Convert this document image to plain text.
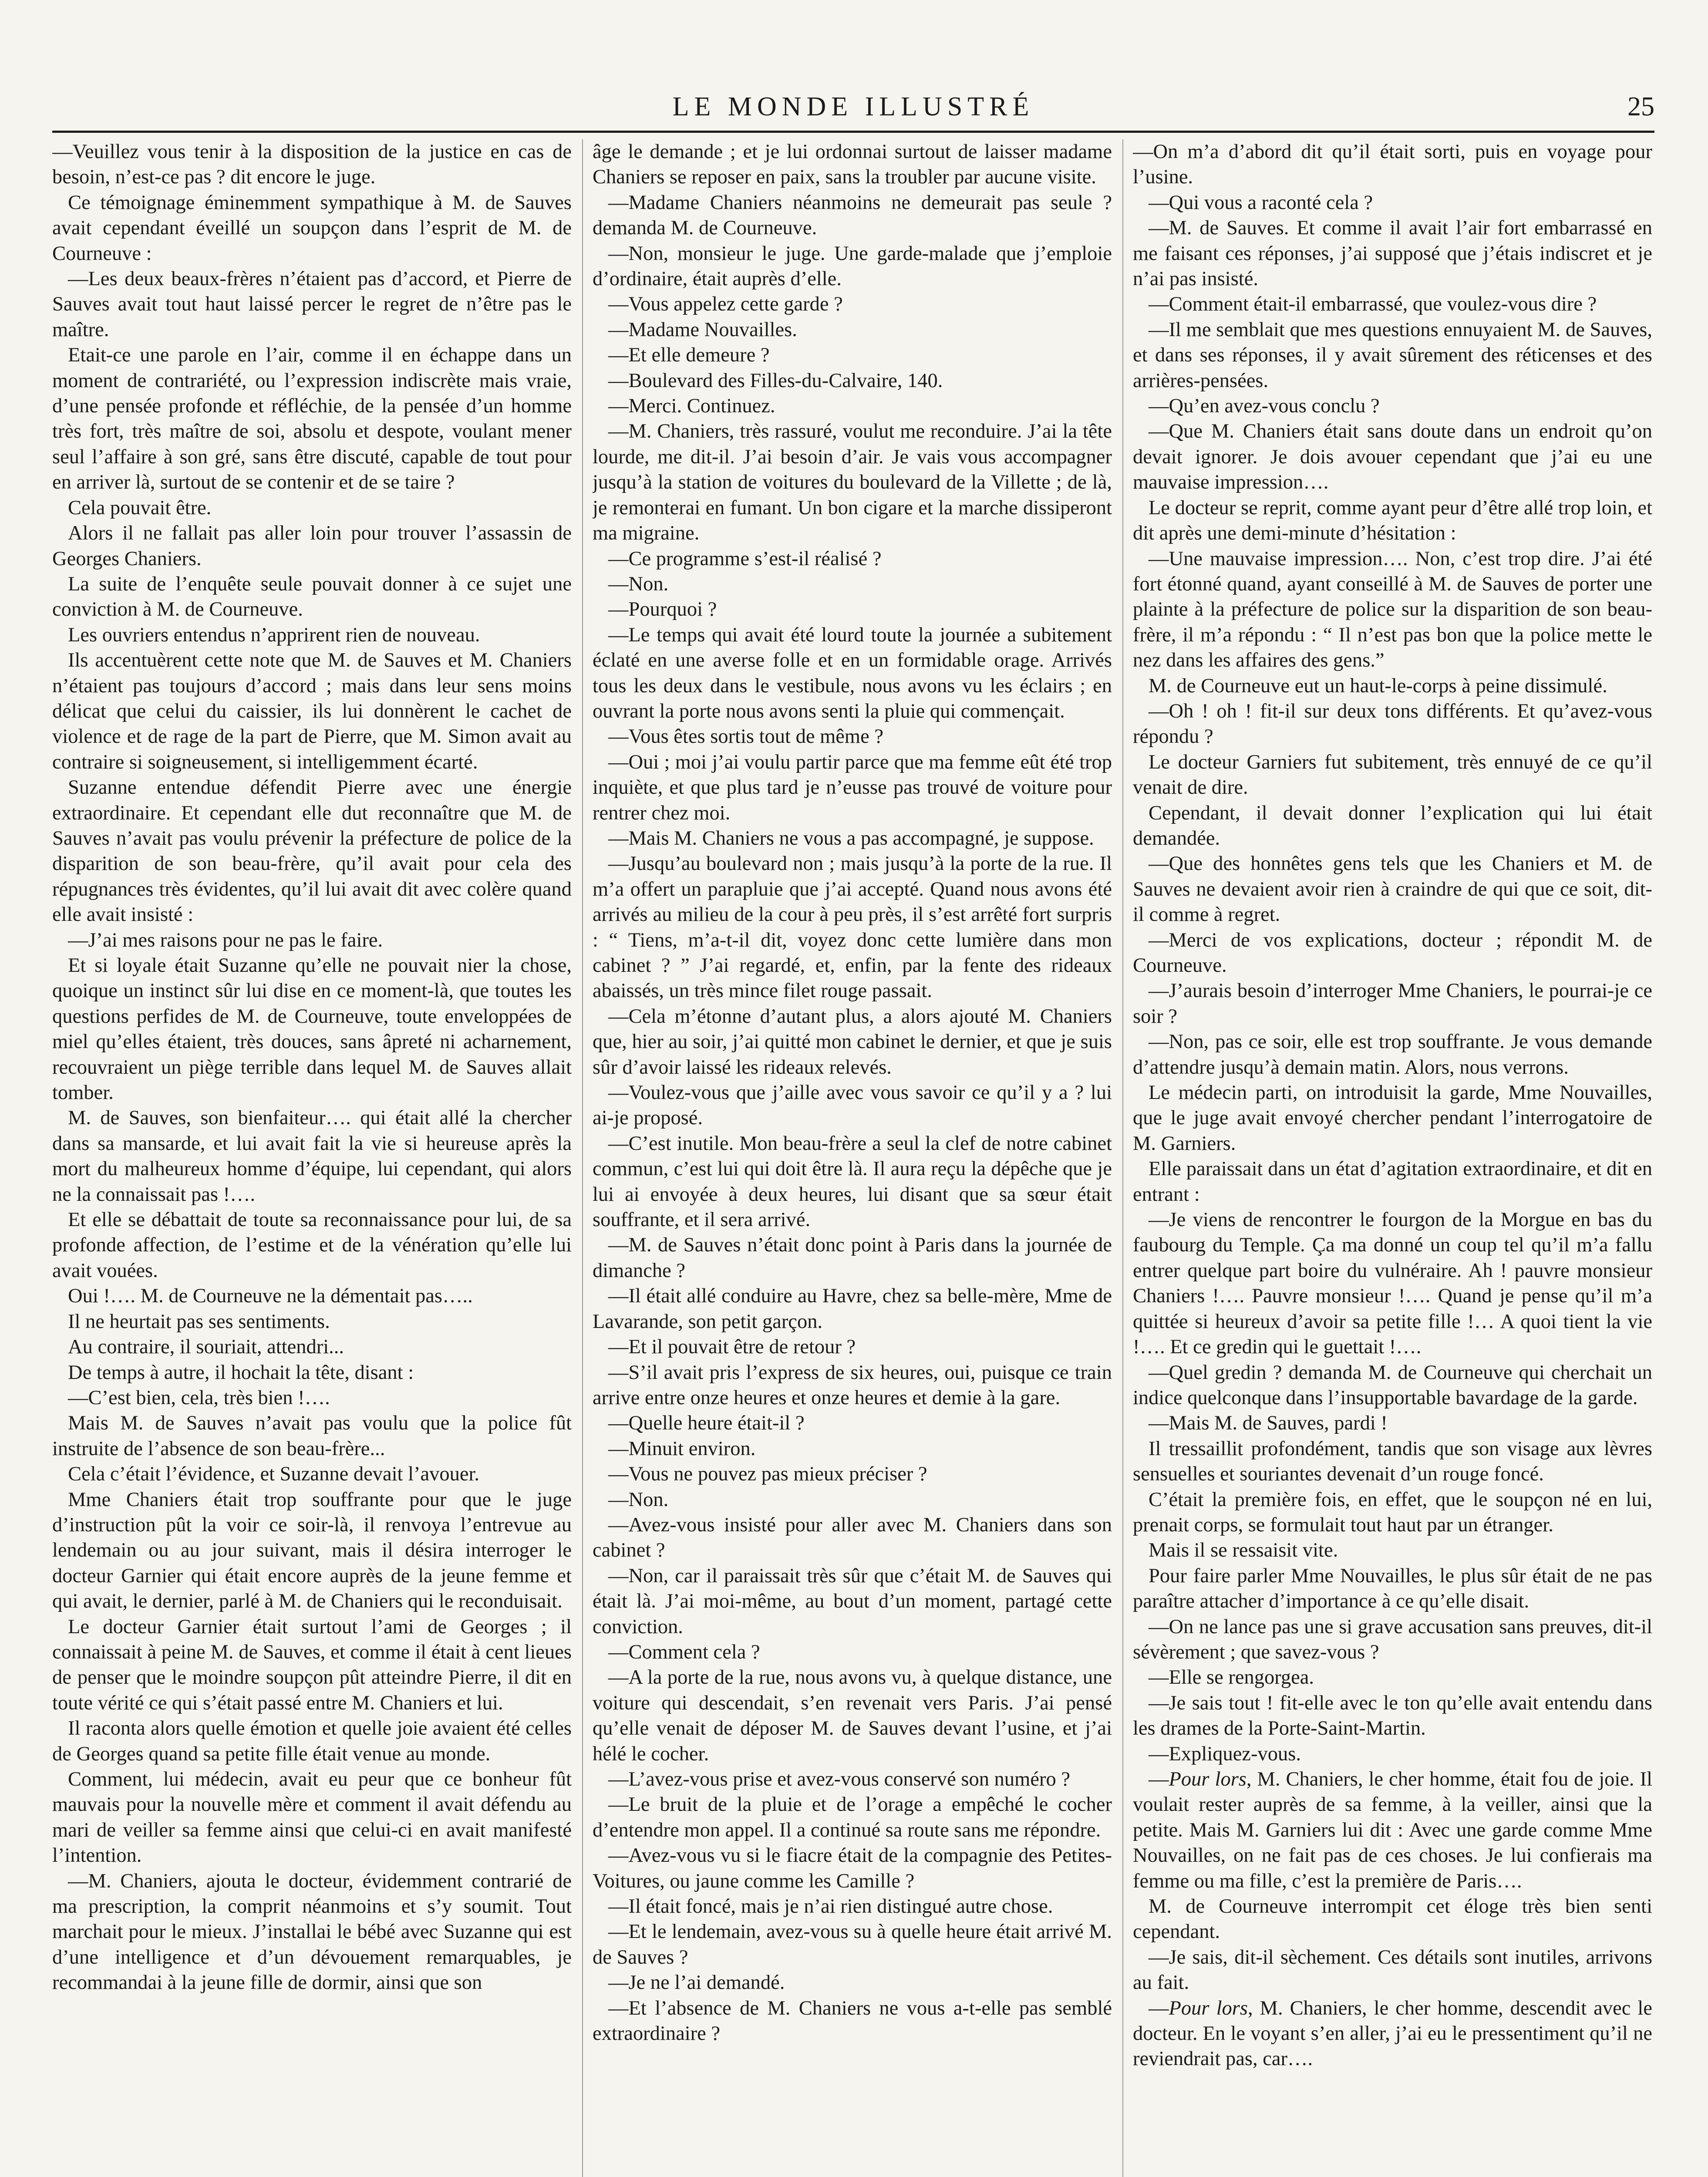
LE MONDE ILLUSTRÉ	25

—Veuillez vous tenir à la disposition de la justice en cas de besoin, n’est-ce pas ? dit encore le juge.

Ce témoignage éminemment sympathique à M. de Sauves avait cependant éveillé un soupçon dans l’esprit de M. de Courneuve :

—Les deux beaux-frères n’étaient pas d’accord, et Pierre de Sauves avait tout haut laissé percer le regret de n’être pas le maître.

Etait-ce une parole en l’air, comme il en échappe dans un moment de contrariété, ou l’expression indiscrète mais vraie, d’une pensée profonde et réfléchie, de la pensée d’un homme très fort, très maître de soi, absolu et despote, voulant mener seul l’affaire à son gré, sans être discuté, capable de tout pour en arriver là, surtout de se contenir et de se taire ?

Cela pouvait être.

Alors il ne fallait pas aller loin pour trouver l’assassin de Georges Chaniers.

La suite de l’enquête seule pouvait donner à ce sujet une conviction à M. de Courneuve.

Les ouvriers entendus n’apprirent rien de nouveau.

Ils accentuèrent cette note que M. de Sauves et M. Chaniers n’étaient pas toujours d’accord ; mais dans leur sens moins délicat que celui du caissier, ils lui donnèrent le cachet de violence et de rage de la part de Pierre, que M. Simon avait au contraire si soigneusement, si intelligemment écarté.

Suzanne entendue défendit Pierre avec une énergie extraordinaire. Et cependant elle dut reconnaître que M. de Sauves n’avait pas voulu prévenir la préfecture de police de la disparition de son beau-frère, qu’il avait pour cela des répugnances très évidentes, qu’il lui avait dit avec colère quand elle avait insisté :

—J’ai mes raisons pour ne pas le faire.

Et si loyale était Suzanne qu’elle ne pouvait nier la chose, quoique un instinct sûr lui dise en ce moment-là, que toutes les questions perfides de M. de Courneuve, toute enveloppées de miel qu’elles étaient, très douces, sans âpreté ni acharnement, recouvraient un piège terrible dans lequel M. de Sauves allait tomber.

M. de Sauves, son bienfaiteur…. qui était allé la chercher dans sa mansarde, et lui avait fait la vie si heureuse après la mort du malheureux homme d’équipe, lui cependant, qui alors ne la connaissait pas !….

Et elle se débattait de toute sa reconnaissance pour lui, de sa profonde affection, de l’estime et de la vénération qu’elle lui avait vouées.

Oui !…. M. de Courneuve ne la démentait pas…..

Il ne heurtait pas ses sentiments.

Au contraire, il souriait, attendri...

De temps à autre, il hochait la tête, disant :

—C’est bien, cela, très bien !….

Mais M. de Sauves n’avait pas voulu que la police fût instruite de l’absence de son beau-frère...

Cela c’était l’évidence, et Suzanne devait l’avouer.

Mme Chaniers était trop souffrante pour que le juge d’instruction pût la voir ce soir-là, il renvoya l’entrevue au lendemain ou au jour suivant, mais il désira interroger le docteur Garnier qui était encore auprès de la jeune femme et qui avait, le dernier, parlé à M. de Chaniers qui le reconduisait.

Le docteur Garnier était surtout l’ami de Georges ; il connaissait à peine M. de Sauves, et comme il était à cent lieues de penser que le moindre soupçon pût atteindre Pierre, il dit en toute vérité ce qui s’était passé entre M. Chaniers et lui.

Il raconta alors quelle émotion et quelle joie avaient été celles de Georges quand sa petite fille était venue au monde.

Comment, lui médecin, avait eu peur que ce bonheur fût mauvais pour la nouvelle mère et comment il avait défendu au mari de veiller sa femme ainsi que celui-ci en avait manifesté l’intention.

—M. Chaniers, ajouta le docteur, évidemment contrarié de ma prescription, la comprit néanmoins et s’y soumit. Tout marchait pour le mieux. J’installai le bébé avec Suzanne qui est d’une intelligence et d’un dévouement remarquables, je recommandai à la jeune fille de dormir, ainsi que son

âge le demande ; et je lui ordonnai surtout de laisser madame Chaniers se reposer en paix, sans la troubler par aucune visite.

—Madame Chaniers néanmoins ne demeurait pas seule ? demanda M. de Courneuve.

—Non, monsieur le juge. Une garde-malade que j’emploie d’ordinaire, était auprès d’elle.

—Vous appelez cette garde ?

—Madame Nouvailles.

—Et elle demeure ?

—Boulevard des Filles-du-Calvaire, 140.

—Merci. Continuez.

—M. Chaniers, très rassuré, voulut me reconduire. J’ai la tête lourde, me dit-il. J’ai besoin d’air. Je vais vous accompagner jusqu’à la station de voitures du boulevard de la Villette ; de là, je remonterai en fumant. Un bon cigare et la marche dissiperont ma migraine.

—Ce programme s’est-il réalisé ?

—Non.

—Pourquoi ?

—Le temps qui avait été lourd toute la journée a subitement éclaté en une averse folle et en un formidable orage. Arrivés tous les deux dans le vestibule, nous avons vu les éclairs ; en ouvrant la porte nous avons senti la pluie qui commençait.

—Vous êtes sortis tout de même ?

—Oui ; moi j’ai voulu partir parce que ma femme eût été trop inquiète, et que plus tard je n’eusse pas trouvé de voiture pour rentrer chez moi.

—Mais M. Chaniers ne vous a pas accompagné, je suppose.

—Jusqu’au boulevard non ; mais jusqu’à la porte de la rue. Il m’a offert un parapluie que j’ai accepté. Quand nous avons été arrivés au milieu de la cour à peu près, il s’est arrêté fort surpris : “ Tiens, m’a-t-il dit, voyez donc cette lumière dans mon cabinet ? ” J’ai regardé, et, enfin, par la fente des rideaux abaissés, un très mince filet rouge passait.

—Cela m’étonne d’autant plus, a alors ajouté M. Chaniers que, hier au soir, j’ai quitté mon cabinet le dernier, et que je suis sûr d’avoir laissé les rideaux relevés.

—Voulez-vous que j’aille avec vous savoir ce qu’il y a ? lui ai-je proposé.

—C’est inutile. Mon beau-frère a seul la clef de notre cabinet commun, c’est lui qui doit être là. Il aura reçu la dépêche que je lui ai envoyée à deux heures, lui disant que sa sœur était souffrante, et il sera arrivé.

—M. de Sauves n’était donc point à Paris dans la journée de dimanche ?

—Il était allé conduire au Havre, chez sa belle-mère, Mme de Lavarande, son petit garçon.

—Et il pouvait être de retour ?

—S’il avait pris l’express de six heures, oui, puisque ce train arrive entre onze heures et onze heures et demie à la gare.

—Quelle heure était-il ?

—Minuit environ.

—Vous ne pouvez pas mieux préciser ?

—Non.

—Avez-vous insisté pour aller avec M. Chaniers dans son cabinet ?

—Non, car il paraissait très sûr que c’était M. de Sauves qui était là. J’ai moi-même, au bout d’un moment, partagé cette conviction.

—Comment cela ?

—A la porte de la rue, nous avons vu, à quelque distance, une voiture qui descendait, s’en revenait vers Paris. J’ai pensé qu’elle venait de déposer M. de Sauves devant l’usine, et j’ai hélé le cocher.

—L’avez-vous prise et avez-vous conservé son numéro ?

—Le bruit de la pluie et de l’orage a empêché le cocher d’entendre mon appel. Il a continué sa route sans me répondre.

—Avez-vous vu si le fiacre était de la compagnie des Petites-Voitures, ou jaune comme les Camille ?

—Il était foncé, mais je n’ai rien distingué autre chose.

—Et le lendemain, avez-vous su à quelle heure était arrivé M. de Sauves ?

—Je ne l’ai demandé.

—Et l’absence de M. Chaniers ne vous a-t-elle pas semblé extraordinaire ?

—On m’a d’abord dit qu’il était sorti, puis en voyage pour l’usine.

—Qui vous a raconté cela ?

—M. de Sauves. Et comme il avait l’air fort embarrassé en me faisant ces réponses, j’ai supposé que j’étais indiscret et je n’ai pas insisté.

—Comment était-il embarrassé, que voulez-vous dire ?

—Il me semblait que mes questions ennuyaient M. de Sauves, et dans ses réponses, il y avait sûrement des réticenses et des arrières-pensées.

—Qu’en avez-vous conclu ?

—Que M. Chaniers était sans doute dans un endroit qu’on devait ignorer. Je dois avouer cependant que j’ai eu une mauvaise impression….

Le docteur se reprit, comme ayant peur d’être allé trop loin, et dit après une demi-minute d’hésitation :

—Une mauvaise impression…. Non, c’est trop dire. J’ai été fort étonné quand, ayant conseillé à M. de Sauves de porter une plainte à la préfecture de police sur la disparition de son beau-frère, il m’a répondu : “ Il n’est pas bon que la police mette le nez dans les affaires des gens.”

M. de Courneuve eut un haut-le-corps à peine dissimulé.

—Oh ! oh ! fit-il sur deux tons différents. Et qu’avez-vous répondu ?

Le docteur Garniers fut subitement, très ennuyé de ce qu’il venait de dire.

Cependant, il devait donner l’explication qui lui était demandée.

—Que des honnêtes gens tels que les Chaniers et M. de Sauves ne devaient avoir rien à craindre de qui que ce soit, dit-il comme à regret.

—Merci de vos explications, docteur ; répondit M. de Courneuve.

—J’aurais besoin d’interroger Mme Chaniers, le pourrai-je ce soir ?

—Non, pas ce soir, elle est trop souffrante. Je vous demande d’attendre jusqu’à demain matin. Alors, nous verrons.

Le médecin parti, on introduisit la garde, Mme Nouvailles, que le juge avait envoyé chercher pendant l’interrogatoire de M. Garniers.

Elle paraissait dans un état d’agitation extraordinaire, et dit en entrant :

—Je viens de rencontrer le fourgon de la Morgue en bas du faubourg du Temple. Ça ma donné un coup tel qu’il m’a fallu entrer quelque part boire du vulnéraire. Ah ! pauvre monsieur Chaniers !…. Pauvre monsieur !…. Quand je pense qu’il m’a quittée si heureux d’avoir sa petite fille !… A quoi tient la vie !…. Et ce gredin qui le guettait !….

—Quel gredin ? demanda M. de Courneuve qui cherchait un indice quelconque dans l’insupportable bavardage de la garde.

—Mais M. de Sauves, pardi !

Il tressaillit profondément, tandis que son visage aux lèvres sensuelles et souriantes devenait d’un rouge foncé.

C’était la première fois, en effet, que le soupçon né en lui, prenait corps, se formulait tout haut par un étranger.

Mais il se ressaisit vite.

Pour faire parler Mme Nouvailles, le plus sûr était de ne pas paraître attacher d’importance à ce qu’elle disait.

—On ne lance pas une si grave accusation sans preuves, dit-il sévèrement ; que savez-vous ?

—Elle se rengorgea.

—Je sais tout ! fit-elle avec le ton qu’elle avait entendu dans les drames de la Porte-Saint-Martin.

—Expliquez-vous.

—Pour lors, M. Chaniers, le cher homme, était fou de joie. Il voulait rester auprès de sa femme, à la veiller, ainsi que la petite. Mais M. Garniers lui dit : Avec une garde comme Mme Nouvailles, on ne fait pas de ces choses. Je lui confierais ma femme ou ma fille, c’est la première de Paris….

M. de Courneuve interrompit cet éloge très bien senti cependant.

—Je sais, dit-il sèchement. Ces détails sont inutiles, arrivons au fait.

—Pour lors, M. Chaniers, le cher homme, descendit avec le docteur. En le voyant s’en aller, j’ai eu le pressentiment qu’il ne reviendrait pas, car….
